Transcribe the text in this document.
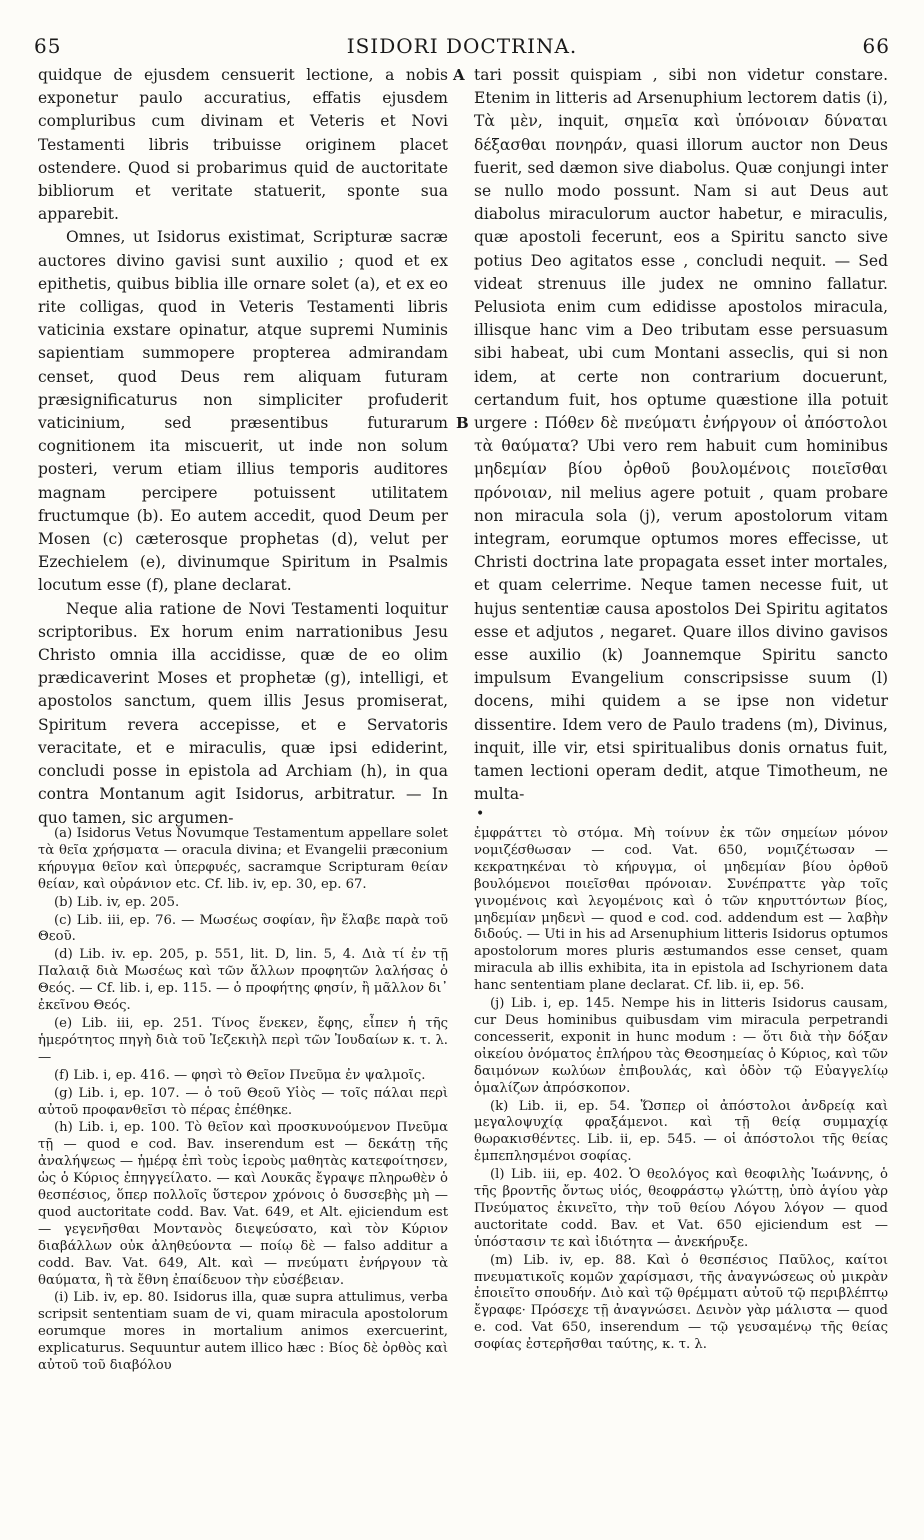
65	ISIDORI DOCTRINA.	66
A
B

quidque de ejusdem censuerit lectione, a nobis exponetur paulo accuratius, effatis ejusdem compluribus cum divinam et Veteris et Novi Testamenti libris tribuisse originem placet ostendere. Quod si probarimus quid de auctoritate bibliorum et veritate statuerit, sponte sua apparebit.

Omnes, ut Isidorus existimat, Scripturæ sacræ auctores divino gavisi sunt auxilio ; quod et ex epithetis, quibus biblia ille ornare solet (a), et ex eo rite colligas, quod in Veteris Testamenti libris vaticinia exstare opinatur, atque supremi Numinis sapientiam summopere propterea admirandam censet, quod Deus rem aliquam futuram præsignificaturus non simpliciter profuderit vaticinium, sed præsentibus futurarum cognitionem ita miscuerit, ut inde non solum posteri, verum etiam illius temporis auditores magnam percipere potuissent utilitatem fructumque (b). Eo autem accedit, quod Deum per Mosen (c) cæterosque prophetas (d), velut per Ezechielem (e), divinumque Spiritum in Psalmis locutum esse (f), plane declarat.

Neque alia ratione de Novi Testamenti loquitur scriptoribus. Ex horum enim narrationibus Jesu Christo omnia illa accidisse, quæ de eo olim prædicaverint Moses et prophetæ (g), intelligi, et apostolos sanctum, quem illis Jesus promiserat, Spiritum revera accepisse, et e Servatoris veracitate, et e miraculis, quæ ipsi ediderint, concludi posse in epistola ad Archiam (h), in qua contra Montanum agit Isidorus, arbitratur. — In quo tamen, sic argumen-

tari possit quispiam , sibi non videtur constare. Etenim in litteris ad Arsenuphium lectorem datis (i), Τὰ μὲν, inquit, σημεῖα καὶ ὑπόνοιαν δύναται δέξασθαι πονηράν, quasi illorum auctor non Deus fuerit, sed dæmon sive diabolus. Quæ conjungi inter se nullo modo possunt. Nam si aut Deus aut diabolus miraculorum auctor habetur, e miraculis, quæ apostoli fecerunt, eos a Spiritu sancto sive potius Deo agitatos esse , concludi nequit. — Sed videat strenuus ille judex ne omnino fallatur. Pelusiota enim cum edidisse apostolos miracula, illisque hanc vim a Deo tributam esse persuasum sibi habeat, ubi cum Montani asseclis, qui si non idem, at certe non contrarium docuerunt, certandum fuit, hos optume quæstione illa potuit urgere : Πόθεν δὲ πνεύματι ἐνήργουν οἱ ἀπόστολοι τὰ θαύματα? Ubi vero rem habuit cum hominibus μηδεμίαν βίου ὀρθοῦ βουλομένοις ποιεῖσθαι πρόνοιαν, nil melius agere potuit , quam probare non miracula sola (j), verum apostolorum vitam integram, eorumque optumos mores effecisse, ut Christi doctrina late propagata esset inter mortales, et quam celerrime. Neque tamen necesse fuit, ut hujus sententiæ causa apostolos Dei Spiritu agitatos esse et adjutos , negaret. Quare illos divino gavisos esse auxilio (k) Joannemque Spiritu sancto impulsum Evangelium conscripsisse suum (l) docens, mihi quidem a se ipse non videtur dissentire. Idem vero de Paulo tradens (m), Divinus, inquit, ille vir, etsi spiritualibus donis ornatus fuit, tamen lectioni operam dedit, atque Timotheum, ne multa-

•

(a) Isidorus Vetus Novumque Testamentum appellare solet τὰ θεῖα χρήσματα — oracula divina; et Evangelii præconium κήρυγμα θεῖον καὶ ὑπερφυές, sacramque Scripturam θείαν θείαν, καὶ οὐράνιον etc. Cf. lib. iv, ep. 30, ep. 67.

(b) Lib. iv, ep. 205.

(c) Lib. iii, ep. 76. — Μωσέως σοφίαν, ἣν ἔλαβε παρὰ τοῦ Θεοῦ.

(d) Lib. iv. ep. 205, p. 551, lit. D, lin. 5, 4. Διὰ τί ἐν τῇ Παλαιᾷ διὰ Μωσέως καὶ τῶν ἄλλων προφητῶν λαλήσας ὁ Θεός. — Cf. lib. i, ep. 115. — ὁ προφήτης φησίν, ἢ μᾶλλον δι᾽ ἐκεῖνου Θεός.

(e) Lib. iii, ep. 251. Τίνος ἕνεκεν, ἔφης, εἶπεν ἡ τῆς ἡμερότητος πηγὴ διὰ τοῦ Ἰεζεκιὴλ περὶ τῶν Ἰουδαίων κ. τ. λ. —

(f) Lib. i, ep. 416. — φησὶ τὸ Θεῖον Πνεῦμα ἐν ψαλμοῖς.

(g) Lib. i, ep. 107. — ὁ τοῦ Θεοῦ Υἱὸς — τοῖς πάλαι περὶ αὐτοῦ προφανθεῖσι τὸ πέρας ἐπέθηκε.

(h) Lib. i, ep. 100. Τὸ θεῖον καὶ προσκυνούμενον Πνεῦμα τῇ — quod e cod. Bav. inserendum est — δεκάτῃ τῆς ἀναλήψεως — ἡμέρᾳ ἐπὶ τοὺς ἱεροὺς μαθητὰς κατεφοίτησεν, ὡς ὁ Κύριος ἐπηγγείλατο. — καὶ Λουκᾶς ἔγραψε πληρωθὲν ὁ θεσπέσιος, ὅπερ πολλοῖς ὕστερον χρόνοις ὁ δυσσεβὴς μὴ — quod auctoritate codd. Bav. Vat. 649, et Alt. ejiciendum est — γεγενῆσθαι Μοντανὸς διεψεύσατο, καὶ τὸν Κύριον διαβάλλων οὐκ ἀληθεύοντα — ποίῳ δὲ — falso additur a codd. Bav. Vat. 649, Alt. καὶ — πνεύματι ἐνήργουν τὰ θαύματα, ἢ τὰ ἔθνη ἐπαίδευον τὴν εὐσέβειαν.

(i) Lib. iv, ep. 80. Isidorus illa, quæ supra attulimus, verba scripsit sententiam suam de vi, quam miracula apostolorum eorumque mores in mortalium animos exercuerint, explicaturus. Sequuntur autem illico hæc : Βίος δὲ ὀρθὸς καὶ αὐτοῦ τοῦ διαβόλου

ἐμφράττει τὸ στόμα. Μὴ τοίνυν ἐκ τῶν σημείων μόνον νομιζέσθωσαν — cod. Vat. 650, νομιζέτωσαν — κεκρατηκέναι τὸ κήρυγμα, οἱ μηδεμίαν βίου ὀρθοῦ βουλόμενοι ποιεῖσθαι πρόνοιαν. Συνέπραττε γὰρ τοῖς γινομένοις καὶ λεγομένοις καὶ ὁ τῶν κηρυττόντων βίος, μηδεμίαν μηδενὶ — quod e cod. cod. addendum est — λαβὴν διδούς. — Uti in his ad Arsenuphium litteris Isidorus optumos apostolorum mores pluris æstumandos esse censet, quam miracula ab illis exhibita, ita in epistola ad Ischyrionem data hanc sententiam plane declarat. Cf. lib. ii, ep. 56.

(j) Lib. i, ep. 145. Nempe his in litteris Isidorus causam, cur Deus hominibus quibusdam vim miracula perpetrandi concesserit, exponit in hunc modum : — ὅτι διὰ τὴν δόξαν οἰκείου ὀνόματος ἐπλήρου τὰς Θεοσημείας ὁ Κύριος, καὶ τῶν δαιμόνων κωλύων ἐπιβουλάς, καὶ ὁδὸν τῷ Εὐαγγελίῳ ὁμαλίζων ἀπρόσκοπον.

(k) Lib. ii, ep. 54. Ὥσπερ οἱ ἀπόστολοι ἀνδρείᾳ καὶ μεγαλοψυχίᾳ φραξάμενοι. καὶ τῇ θείᾳ συμμαχίᾳ θωρακισθέντες. Lib. ii, ep. 545. — οἱ ἀπόστολοι τῆς θείας ἐμπεπλησμένοι σοφίας.

(l) Lib. iii, ep. 402. Ὁ θεολόγος καὶ θεοφιλὴς Ἰωάννης, ὁ τῆς βροντῆς ὄντως υἱός, θεοφράστῳ γλώττῃ, ὑπὸ ἁγίου γὰρ Πνεύματος ἐκινεῖτο, τὴν τοῦ θείου Λόγου λόγον — quod auctoritate codd. Bav. et Vat. 650 ejiciendum est — ὑπόστασιν τε καὶ ἰδιότητα — ἀνεκήρυξε.

(m) Lib. iv, ep. 88. Καὶ ὁ θεσπέσιος Παῦλος, καίτοι πνευματικοῖς κομῶν χαρίσμασι, τῆς ἀναγνώσεως οὐ μικρὰν ἐποιεῖτο σπουδήν. Διὸ καὶ τῷ θρέμματι αὐτοῦ τῷ περιβλέπτῳ ἔγραφε· Πρόσεχε τῇ ἀναγνώσει. Δεινὸν γὰρ μάλιστα — quod e. cod. Vat 650, inserendum — τῷ γευσαμένῳ τῆς θείας σοφίας ἐστερῆσθαι ταύτης, κ. τ. λ.
